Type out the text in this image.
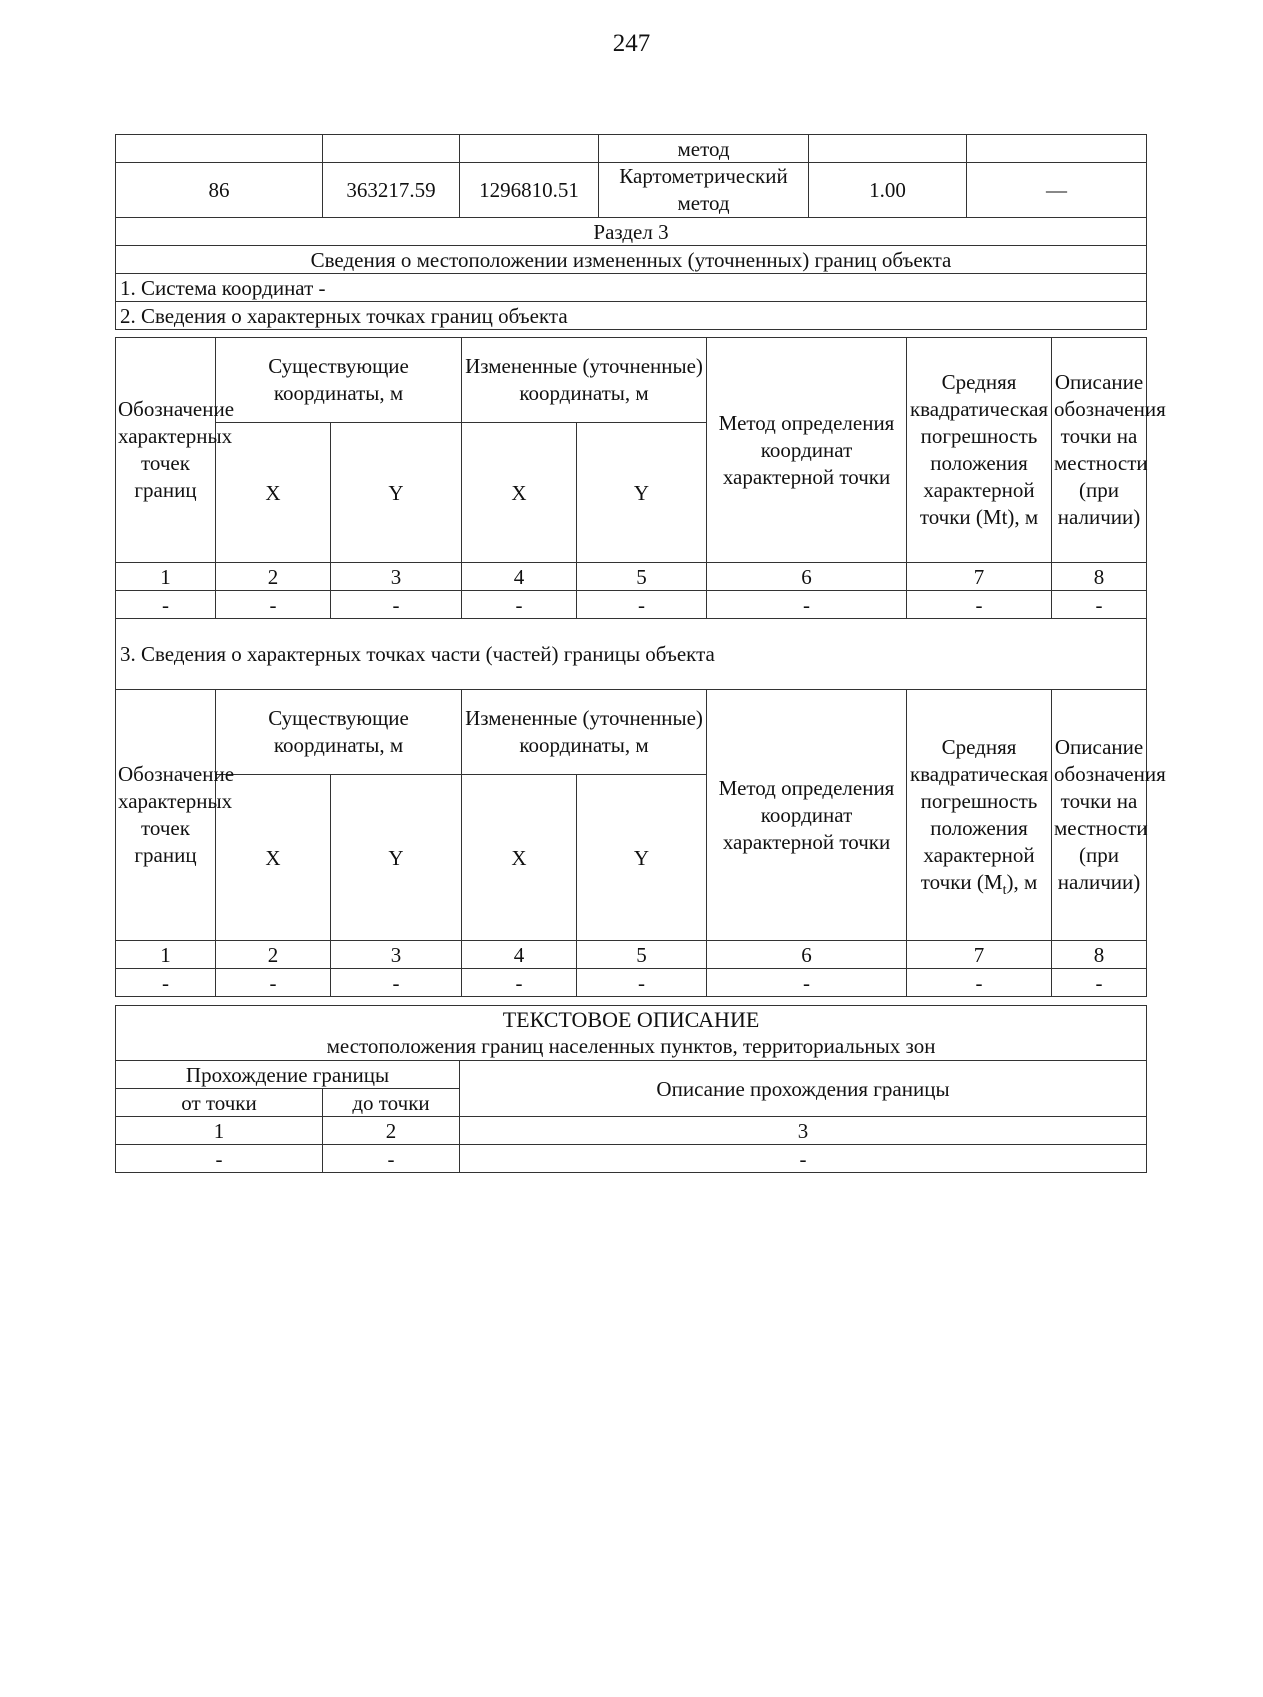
247
			метод		
86	363217.59	1296810.51	Картометрический метод	1.00	—
Раздел 3					
Сведения о местоположении измененных (уточненных) границ объекта					
1. Система координат -					
2. Сведения о характерных точках границ объекта					
Обозначение характерных точек границ	Существующие координаты, м		Измененные (уточненные) координаты, м		Метод определения координат характерной точки	Средняя квадратическая погрешность положения характерной точки (Mt), м	Описание обозначения точки на местности (при наличии)
	X	Y	X	Y			
1	2	3	4	5	6	7	8
-	-	-	-	-	-	-	-
3. Сведения о характерных точках части (частей) границы объекта							
Обозначение характерных точек границ	Существующие координаты, м		Измененные (уточненные) координаты, м		Метод определения координат характерной точки	Средняя квадратическая погрешность положения характерной точки $(M_t)$, м	Описание обозначения точки на местности (при наличии)
	X	Y	X	Y			
1	2	3	4	5	6	7	8
-	-	-	-	-	-	-	-
ТЕКСТОВОЕ ОПИСАНИЕ
местоположения границ населенных пунктов, территориальных зон		

Прохождение границы		Описание прохождения границы
от точки	до точки	
1	2	3
-	-	-
